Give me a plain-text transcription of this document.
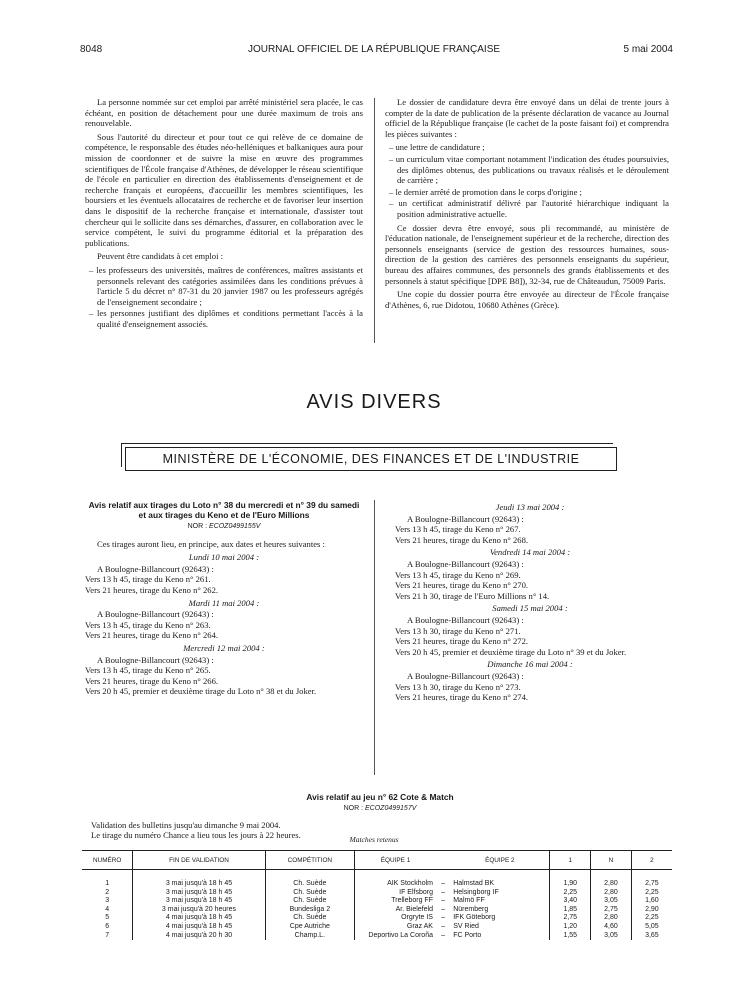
8048	JOURNAL OFFICIEL DE LA RÉPUBLIQUE FRANÇAISE	5 mai 2004

La personne nommée sur cet emploi par arrêté ministériel sera placée, le cas échéant, en position de détachement pour une durée maximum de trois ans renouvelable.

Sous l'autorité du directeur et pour tout ce qui relève de ce domaine de compétence, le responsable des études néo-helléniques et balkaniques aura pour mission de coordonner et de suivre la mise en œuvre des programmes scientifiques de l'École française d'Athènes, de développer le réseau scientifique de l'école en particulier en direction des établissements d'enseignement et de recherche français et européens, d'accueillir les membres scientifiques, les boursiers et les éventuels allocataires de recherche et de favoriser leur insertion dans le dispositif de la recherche française et internationale, d'assister tout chercheur qui le sollicite dans ses démarches, d'assurer, en collaboration avec le service compétent, le suivi du programme éditorial et la préparation des publications.

Peuvent être candidats à cet emploi :

– les professeurs des universités, maîtres de conférences, maîtres assistants et personnels relevant des catégories assimilées dans les conditions prévues à l'article 5 du décret n° 87-31 du 20 janvier 1987 ou les professeurs agrégés de l'enseignement secondaire ;
– les personnes justifiant des diplômes et conditions permettant l'accès à la qualité d'enseignement associés.

Le dossier de candidature devra être envoyé dans un délai de trente jours à compter de la date de publication de la présente déclaration de vacance au Journal officiel de la République française (le cachet de la poste faisant foi) et comprendra les pièces suivantes :

– une lettre de candidature ;
– un curriculum vitae comportant notamment l'indication des études poursuivies, des diplômes obtenus, des publications ou travaux réalisés et le déroulement de carrière ;
– le dernier arrêté de promotion dans le corps d'origine ;
– un certificat administratif délivré par l'autorité hiérarchique indiquant la position administrative actuelle.

Ce dossier devra être envoyé, sous pli recommandé, au ministère de l'éducation nationale, de l'enseignement supérieur et de la recherche, direction des personnels enseignants (service de gestion des ressources humaines, sous-direction de la gestion des carrières des personnels enseignants du supérieur, bureau des affaires communes, des personnels des grands établissements et des personnels à statut spécifique [DPE B8]), 32-34, rue de Châteaudun, 75009 Paris.

Une copie du dossier pourra être envoyée au directeur de l'École française d'Athènes, 6, rue Didotou, 10680 Athènes (Grèce).

AVIS DIVERS
MINISTÈRE DE L'ÉCONOMIE, DES FINANCES ET DE L'INDUSTRIE
Avis relatif aux tirages du Loto n° 38 du mercredi et n° 39 du samedi et aux tirages du Keno et de l'Euro Millions
NOR : ECOZ0499155V

Ces tirages auront lieu, en principe, aux dates et heures suivantes :

Lundi 10 mai 2004 :
A Boulogne-Billancourt (92643) :
Vers 13 h 45, tirage du Keno n° 261.
Vers 21 heures, tirage du Keno n° 262.
Mardi 11 mai 2004 :
A Boulogne-Billancourt (92643) :
Vers 13 h 45, tirage du Keno n° 263.
Vers 21 heures, tirage du Keno n° 264.
Mercredi 12 mai 2004 :
A Boulogne-Billancourt (92643) :
Vers 13 h 45, tirage du Keno n° 265.
Vers 21 heures, tirage du Keno n° 266.
Vers 20 h 45, premier et deuxième tirage du Loto n° 38 et du Joker.
Jeudi 13 mai 2004 :
A Boulogne-Billancourt (92643) :
Vers 13 h 45, tirage du Keno n° 267.
Vers 21 heures, tirage du Keno n° 268.
Vendredi 14 mai 2004 :
A Boulogne-Billancourt (92643) :
Vers 13 h 45, tirage du Keno n° 269.
Vers 21 heures, tirage du Keno n° 270.
Vers 21 h 30, tirage de l'Euro Millions n° 14.
Samedi 15 mai 2004 :
A Boulogne-Billancourt (92643) :
Vers 13 h 30, tirage du Keno n° 271.
Vers 21 heures, tirage du Keno n° 272.
Vers 20 h 45, premier et deuxième tirage du Loto n° 39 et du Joker.
Dimanche 16 mai 2004 :
A Boulogne-Billancourt (92643) :
Vers 13 h 30, tirage du Keno n° 273.
Vers 21 heures, tirage du Keno n° 274.
Avis relatif au jeu n° 62 Cote & Match
NOR : ECOZ0499157V
Validation des bulletins jusqu'au dimanche 9 mai 2004.
Le tirage du numéro Chance a lieu tous les jours à 22 heures.	Matches retenus
NUMÉRO	FIN DE VALIDATION	COMPÉTITION	ÉQUIPE 1		ÉQUIPE 2	1	N	2

1	3 mai jusqu'à 18 h 45	Ch. Suède	AIK Stockholm	–	Halmstad BK	1,90	2,80	2,75
2	3 mai jusqu'à 18 h 45	Ch. Suède	IF Elfsborg	–	Helsingborg IF	2,25	2,80	2,25
3	3 mai jusqu'à 18 h 45	Ch. Suède	Trelleborg FF	–	Malmö FF	3,40	3,05	1,60
4	3 mai jusqu'à 20 heures	Bundesliga 2	Ar. Bielefeld	–	Nüremberg	1,85	2,75	2,90
5	4 mai jusqu'à 18 h 45	Ch. Suède	Orgryte IS	–	IFK Göteborg	2,75	2,80	2,25
6	4 mai jusqu'à 18 h 45	Cpe Autriche	Graz AK	–	SV Ried	1,20	4,60	5,05
7	4 mai jusqu'à 20 h 30	Champ.L.	Deportivo La Coroña	–	FC Porto	1,55	3,05	3,65
